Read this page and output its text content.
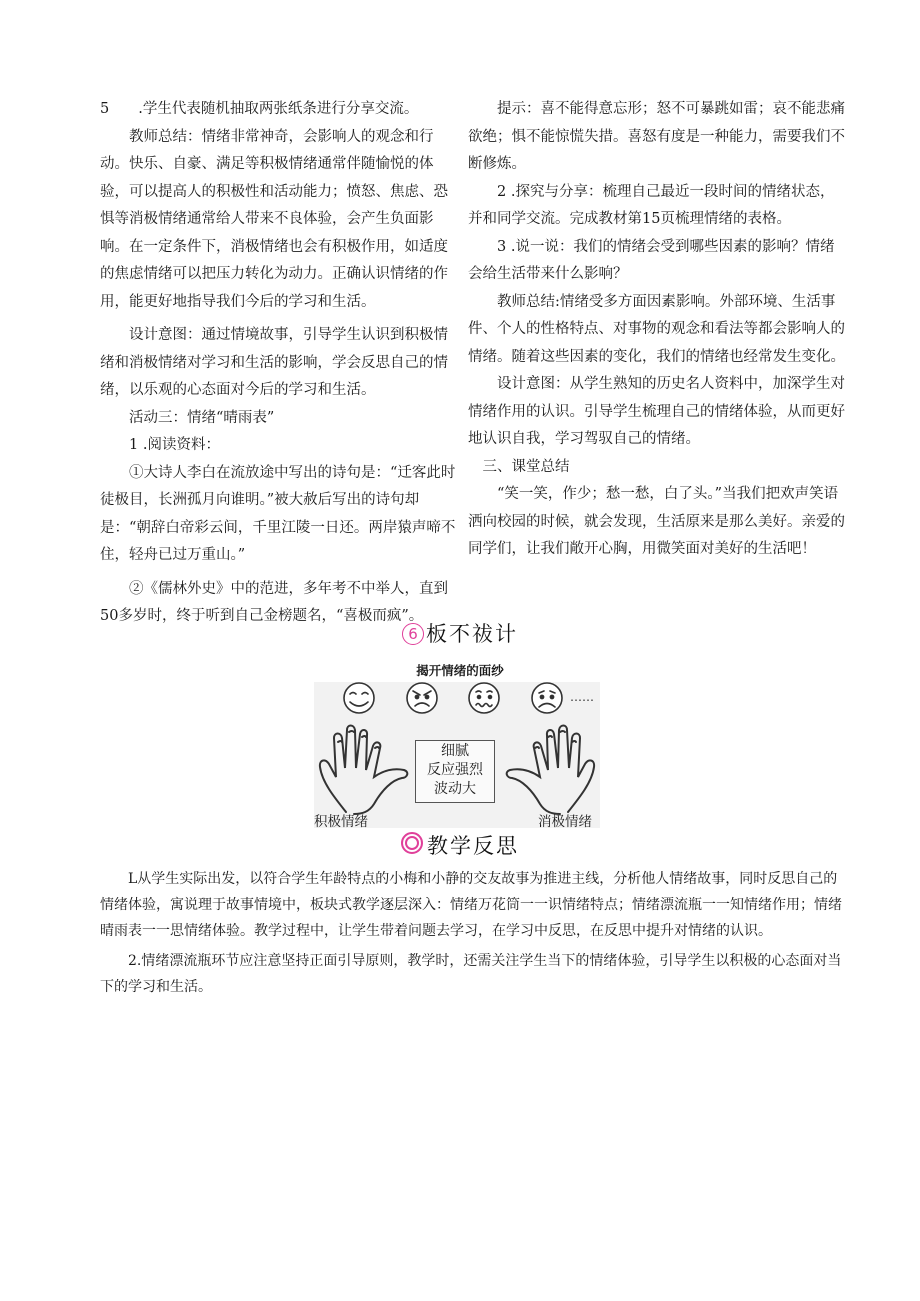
5　　.学生代表随机抽取两张纸条进行分享交流。

教师总结：情绪非常神奇，会影响人的观念和行动。快乐、自豪、满足等积极情绪通常伴随愉悦的体验，可以提高人的积极性和活动能力；愤怒、焦虑、恐惧等消极情绪通常给人带来不良体验，会产生负面影响。在一定条件下，消极情绪也会有积极作用，如适度的焦虑情绪可以把压力转化为动力。正确认识情绪的作用，能更好地指导我们今后的学习和生活。

设计意图：通过情境故事，引导学生认识到积极情绪和消极情绪对学习和生活的影响，学会反思自己的情绪，以乐观的心态面对今后的学习和生活。

活动三：情绪“晴雨表”

1 .阅读资料：

①大诗人李白在流放途中写出的诗句是：“迁客此时徒极目，长洲孤月向谁明。”被大赦后写出的诗句却是：“朝辞白帝彩云间，千里江陵一日还。两岸猿声啼不住，轻舟已过万重山。”

②《儒林外史》中的范进，多年考不中举人，直到50多岁时，终于听到自己金榜题名，“喜极而疯”。

提示：喜不能得意忘形；怒不可暴跳如雷；哀不能悲痛欲绝；惧不能惊慌失措。喜怒有度是一种能力，需要我们不断修炼。

2 .探究与分享：梳理自己最近一段时间的情绪状态，并和同学交流。完成教材第15页梳理情绪的表格。

3 .说一说：我们的情绪会受到哪些因素的影响？情绪会给生活带来什么影响？

教师总结:情绪受多方面因素影响。外部环境、生活事件、个人的性格特点、对事物的观念和看法等都会影响人的情绪。随着这些因素的变化，我们的情绪也经常发生变化。

设计意图：从学生熟知的历史名人资料中，加深学生对情绪作用的认识。引导学生梳理自己的情绪体验，从而更好地认识自我，学习驾驭自己的情绪。

三、课堂总结

“笑一笑，作少；愁一愁，白了头。”当我们把欢声笑语洒向校园的时候，就会发现，生活原来是那么美好。亲爱的同学们，让我们敞开心胸，用微笑面对美好的生活吧！

6 板不祓计
揭开情绪的面纱
……
细腻
反应强烈
波动大
积极情绪	消极情绪
教学反思

L从学生实际出发，以符合学生年龄特点的小梅和小静的交友故事为推进主线，分析他人情绪故事，同时反思自己的情绪体验，寓说理于故事情境中，板块式教学逐层深入：情绪万花筒一一识情绪特点；情绪漂流瓶一一知情绪作用；情绪晴雨表一一思情绪体验。教学过程中，让学生带着问题去学习，在学习中反思，在反思中提升对情绪的认识。

2.情绪漂流瓶环节应注意坚持正面引导原则，教学时，还需关注学生当下的情绪体验，引导学生以积极的心态面对当下的学习和生活。
